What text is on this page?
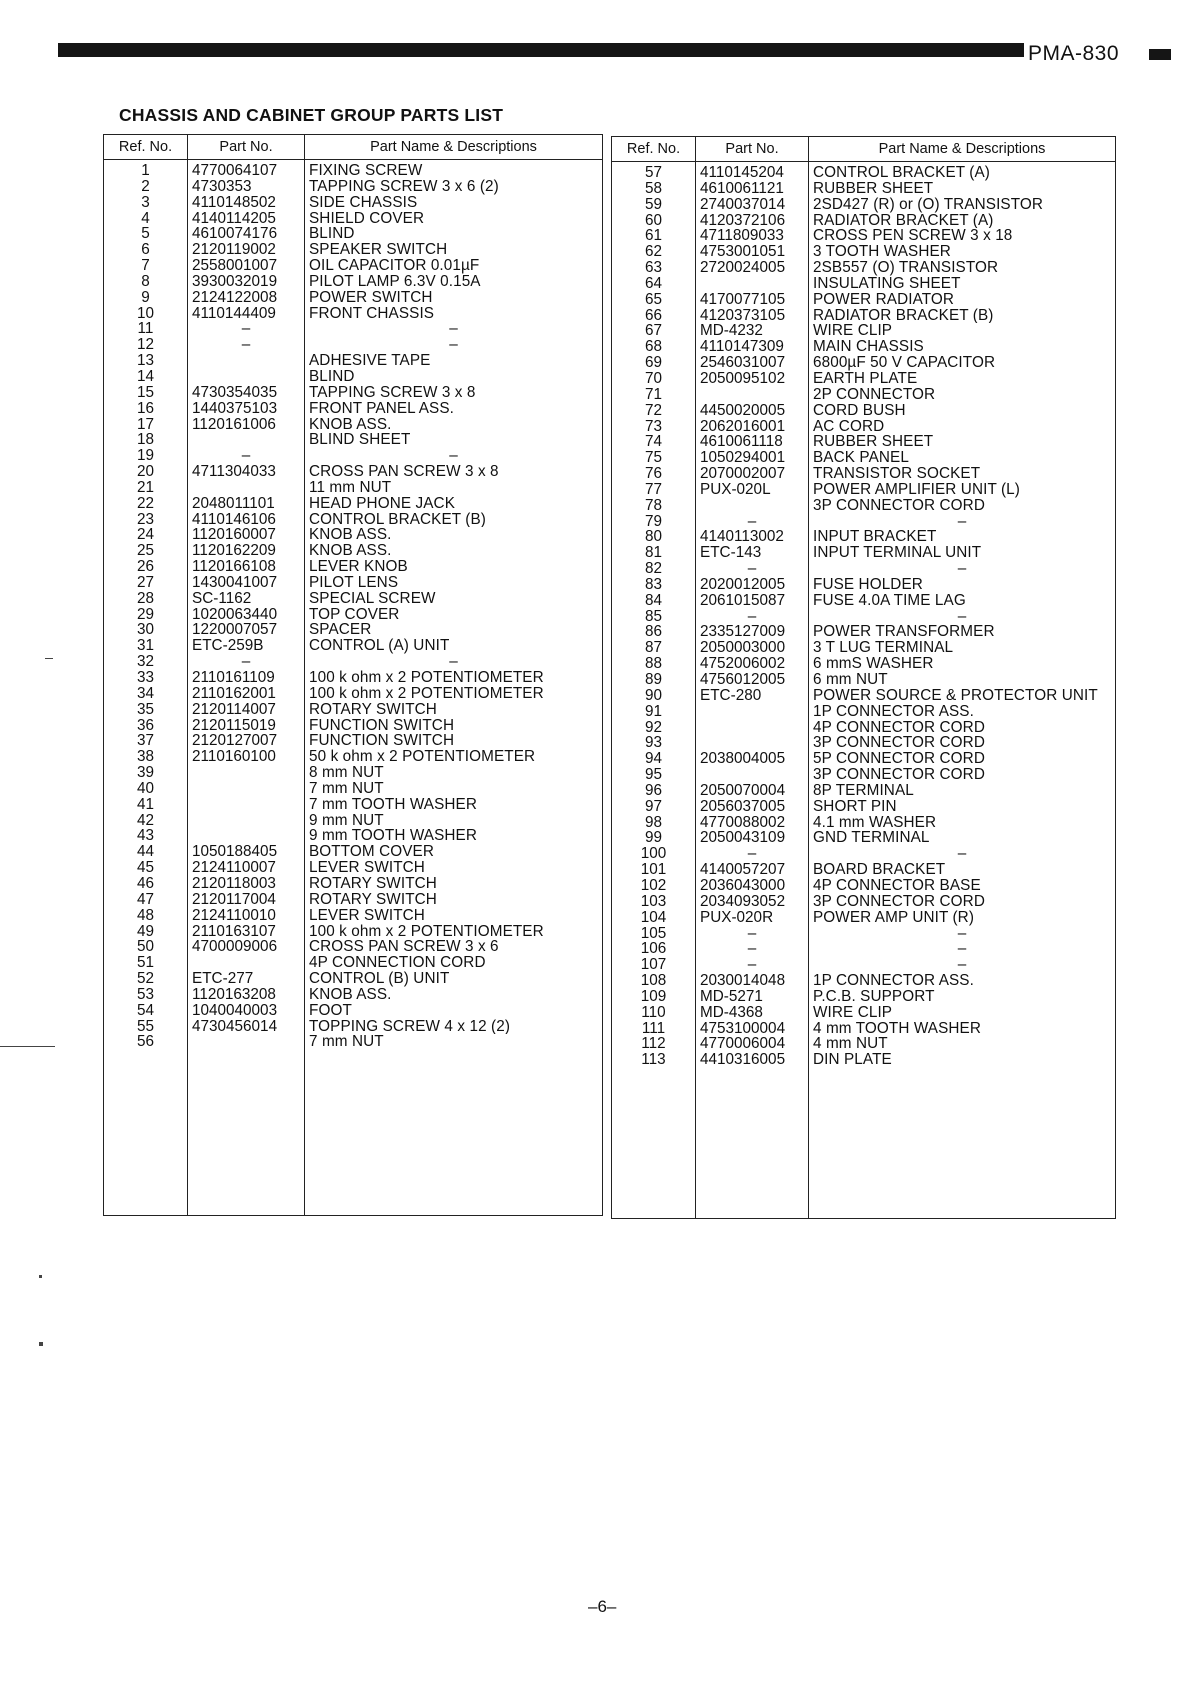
PMA-830
CHASSIS AND CABINET GROUP PARTS LIST
Ref. No.	Part No.	Part Name & Descriptions
1	4770064107	FIXING SCREW
2	4730353	TAPPING SCREW 3 x 6 (2)
3	4110148502	SIDE CHASSIS
4	4140114205	SHIELD COVER
5	4610074176	BLIND
6	2120119002	SPEAKER SWITCH
7	2558001007	OIL CAPACITOR 0.01µF
8	3930032019	PILOT LAMP 6.3V 0.15A
9	2124122008	POWER SWITCH
10	4110144409	FRONT CHASSIS
11	–	–
12	–	–
13		ADHESIVE TAPE
14		BLIND
15	4730354035	TAPPING SCREW 3 x 8
16	1440375103	FRONT PANEL ASS.
17	1120161006	KNOB ASS.
18		BLIND SHEET
19	–	–
20	4711304033	CROSS PAN SCREW 3 x 8
21		11 mm NUT
22	2048011101	HEAD PHONE JACK
23	4110146106	CONTROL BRACKET (B)
24	1120160007	KNOB ASS.
25	1120162209	KNOB ASS.
26	1120166108	LEVER KNOB
27	1430041007	PILOT LENS
28	SC-1162	SPECIAL SCREW
29	1020063440	TOP COVER
30	1220007057	SPACER
31	ETC-259B	CONTROL (A) UNIT
32	–	–
33	2110161109	100 k ohm x 2 POTENTIOMETER
34	2110162001	100 k ohm x 2 POTENTIOMETER
35	2120114007	ROTARY SWITCH
36	2120115019	FUNCTION SWITCH
37	2120127007	FUNCTION SWITCH
38	2110160100	50 k ohm x 2 POTENTIOMETER
39		8 mm NUT
40		7 mm NUT
41		7 mm TOOTH WASHER
42		9 mm NUT
43		9 mm TOOTH WASHER
44	1050188405	BOTTOM COVER
45	2124110007	LEVER SWITCH
46	2120118003	ROTARY SWITCH
47	2120117004	ROTARY SWITCH
48	2124110010	LEVER SWITCH
49	2110163107	100 k ohm x 2 POTENTIOMETER
50	4700009006	CROSS PAN SCREW 3 x 6
51		4P CONNECTION CORD
52	ETC-277	CONTROL (B) UNIT
53	1120163208	KNOB ASS.
54	1040040003	FOOT
55	4730456014	TOPPING SCREW 4 x 12 (2)
56		7 mm NUT

Ref. No.	Part No.	Part Name & Descriptions
57	4110145204	CONTROL BRACKET (A)
58	4610061121	RUBBER SHEET
59	2740037014	2SD427 (R) or (O) TRANSISTOR
60	4120372106	RADIATOR BRACKET (A)
61	4711809033	CROSS PEN SCREW 3 x 18
62	4753001051	3 TOOTH WASHER
63	2720024005	2SB557 (O) TRANSISTOR
64		INSULATING SHEET
65	4170077105	POWER RADIATOR
66	4120373105	RADIATOR BRACKET (B)
67	MD-4232	WIRE CLIP
68	4110147309	MAIN CHASSIS
69	2546031007	6800µF 50 V CAPACITOR
70	2050095102	EARTH PLATE
71		2P CONNECTOR
72	4450020005	CORD BUSH
73	2062016001	AC CORD
74	4610061118	RUBBER SHEET
75	1050294001	BACK PANEL
76	2070002007	TRANSISTOR SOCKET
77	PUX-020L	POWER AMPLIFIER UNIT (L)
78		3P CONNECTOR CORD
79	–	–
80	4140113002	INPUT BRACKET
81	ETC-143	INPUT TERMINAL UNIT
82	–	–
83	2020012005	FUSE HOLDER
84	2061015087	FUSE 4.0A TIME LAG
85	–	–
86	2335127009	POWER TRANSFORMER
87	2050003000	3 T LUG TERMINAL
88	4752006002	6 mmS WASHER
89	4756012005	6 mm NUT
90	ETC-280	POWER SOURCE & PROTECTOR UNIT
91		1P CONNECTOR ASS.
92		4P CONNECTOR CORD
93		3P CONNECTOR CORD
94	2038004005	5P CONNECTOR CORD
95		3P CONNECTOR CORD
96	2050070004	8P TERMINAL
97	2056037005	SHORT PIN
98	4770088002	4.1 mm WASHER
99	2050043109	GND TERMINAL
100	–	–
101	4140057207	BOARD BRACKET
102	2036043000	4P CONNECTOR BASE
103	2034093052	3P CONNECTOR CORD
104	PUX-020R	POWER AMP UNIT (R)
105	–	–
106	–	–
107	–	–
108	2030014048	1P CONNECTOR ASS.
109	MD-5271	P.C.B. SUPPORT
110	MD-4368	WIRE CLIP
111	4753100004	4 mm TOOTH WASHER
112	4770006004	4 mm NUT
113	4410316005	DIN PLATE

–6–
